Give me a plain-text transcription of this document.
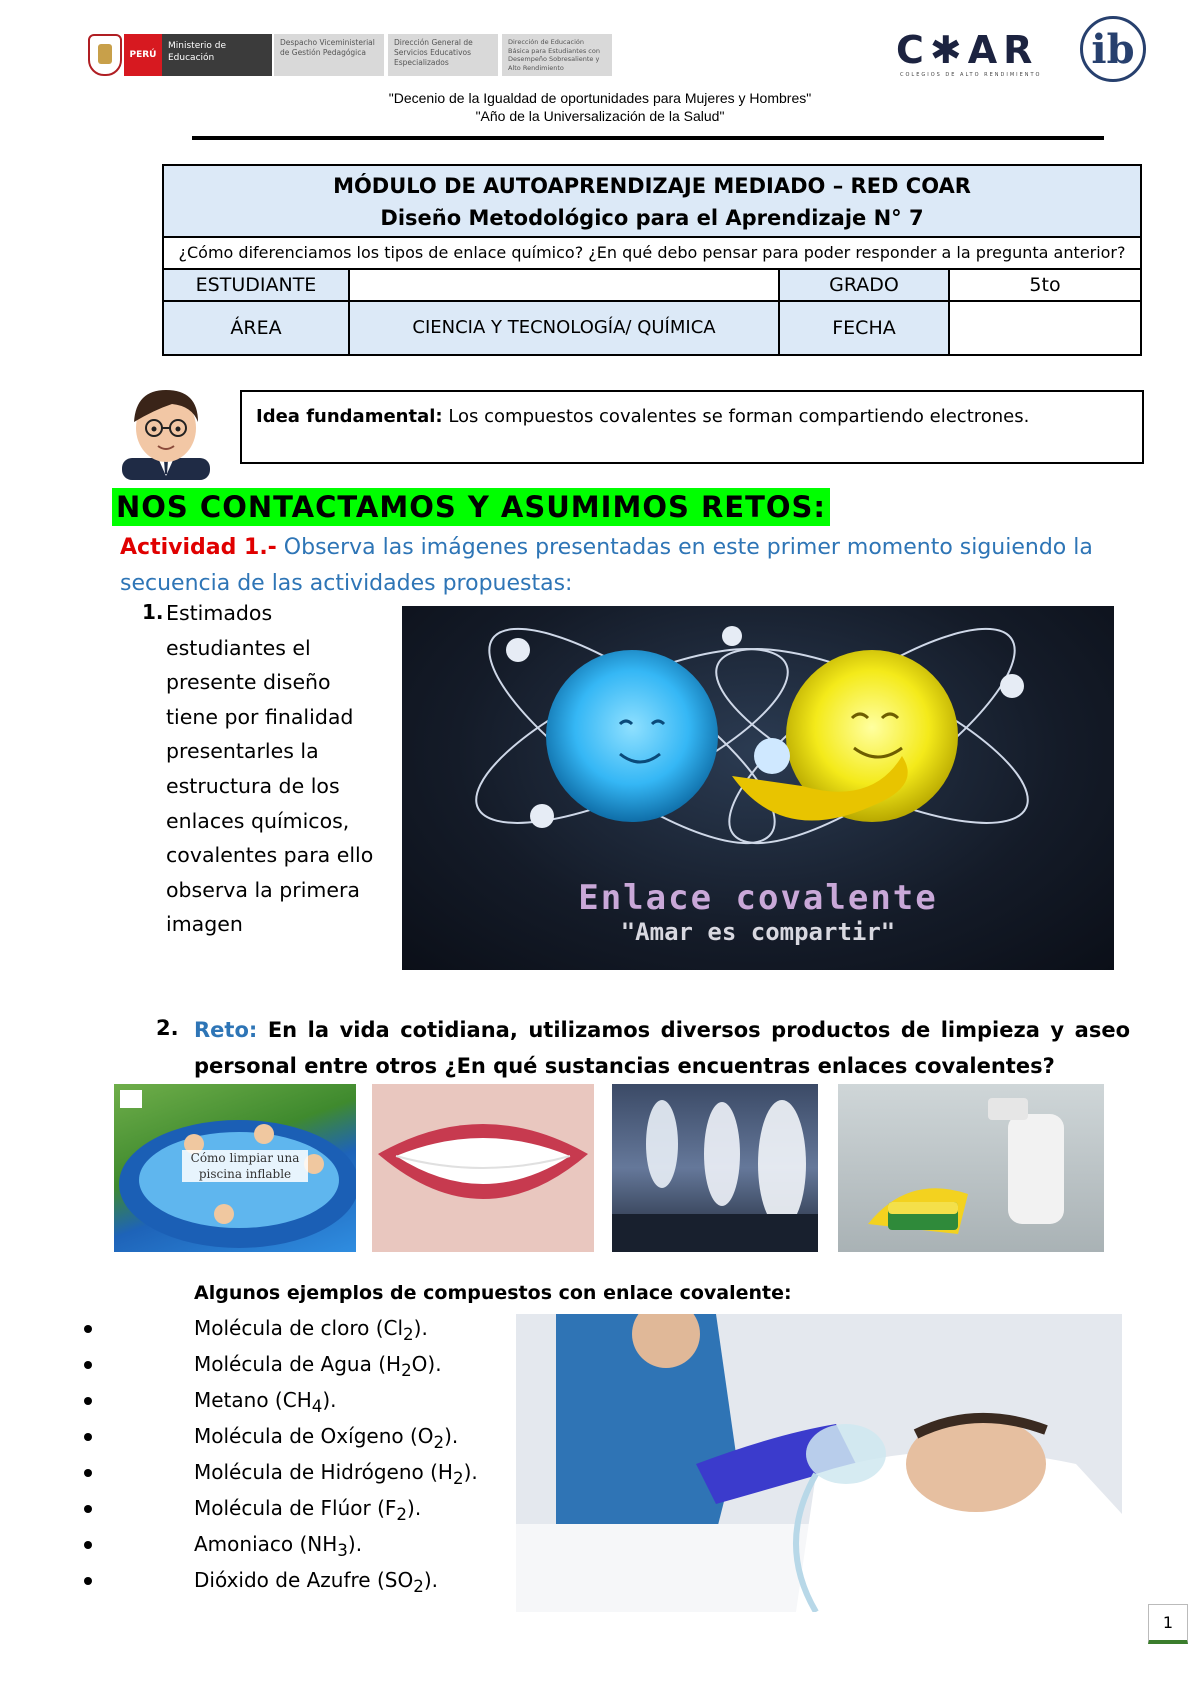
PERÚ
Ministerio de Educación
Despacho Viceministerial de Gestión Pedagógica
Dirección General de Servicios Educativos Especializados
Dirección de Educación Básica para Estudiantes con Desempeño Sobresaliente y Alto Rendimiento	C✱AR
COLEGIOS DE ALTO RENDIMIENTO
ib
"Decenio de la Igualdad de oportunidades para Mujeres y Hombres"
"Año de la Universalización de la Salud"
MÓDULO DE AUTOAPRENDIZAJE MEDIADO – RED COAR
Diseño Metodológico para el Aprendizaje N° 7			

¿Cómo diferenciamos los tipos de enlace químico? ¿En qué debo pensar para poder responder a la pregunta anterior?			
ESTUDIANTE		GRADO	5to
ÁREA	CIENCIA Y TECNOLOGÍA/ QUÍMICA	FECHA	
Idea fundamental: Los compuestos covalentes se forman compartiendo electrones.
NOS CONTACTAMOS Y ASUMIMOS RETOS:
Actividad 1.- Observa las imágenes presentadas en este primer momento siguiendo la secuencia de las actividades propuestas:
1. Estimados estudiantes el presente diseño tiene por finalidad presentarles la estructura de los enlaces químicos, covalentes para ello observa la primera imagen
Enlace covalente
"Amar es compartir"
2. Reto: En la vida cotidiana, utilizamos diversos productos de limpieza y aseo personal entre otros ¿En qué sustancias encuentras enlaces covalentes?
Cómo limpiar una piscina inflable
Algunos ejemplos de compuestos con enlace covalente:
Molécula de cloro $(Cl_2)$.
Molécula de Agua $(H_2O)$.
Metano $(CH_4)$.
Molécula de Oxígeno $(O_2)$.
Molécula de Hidrógeno $(H_2)$.
Molécula de Flúor $(F_2)$.
Amoniaco $(NH_3)$.
Dióxido de Azufre $(SO_2)$.
1
